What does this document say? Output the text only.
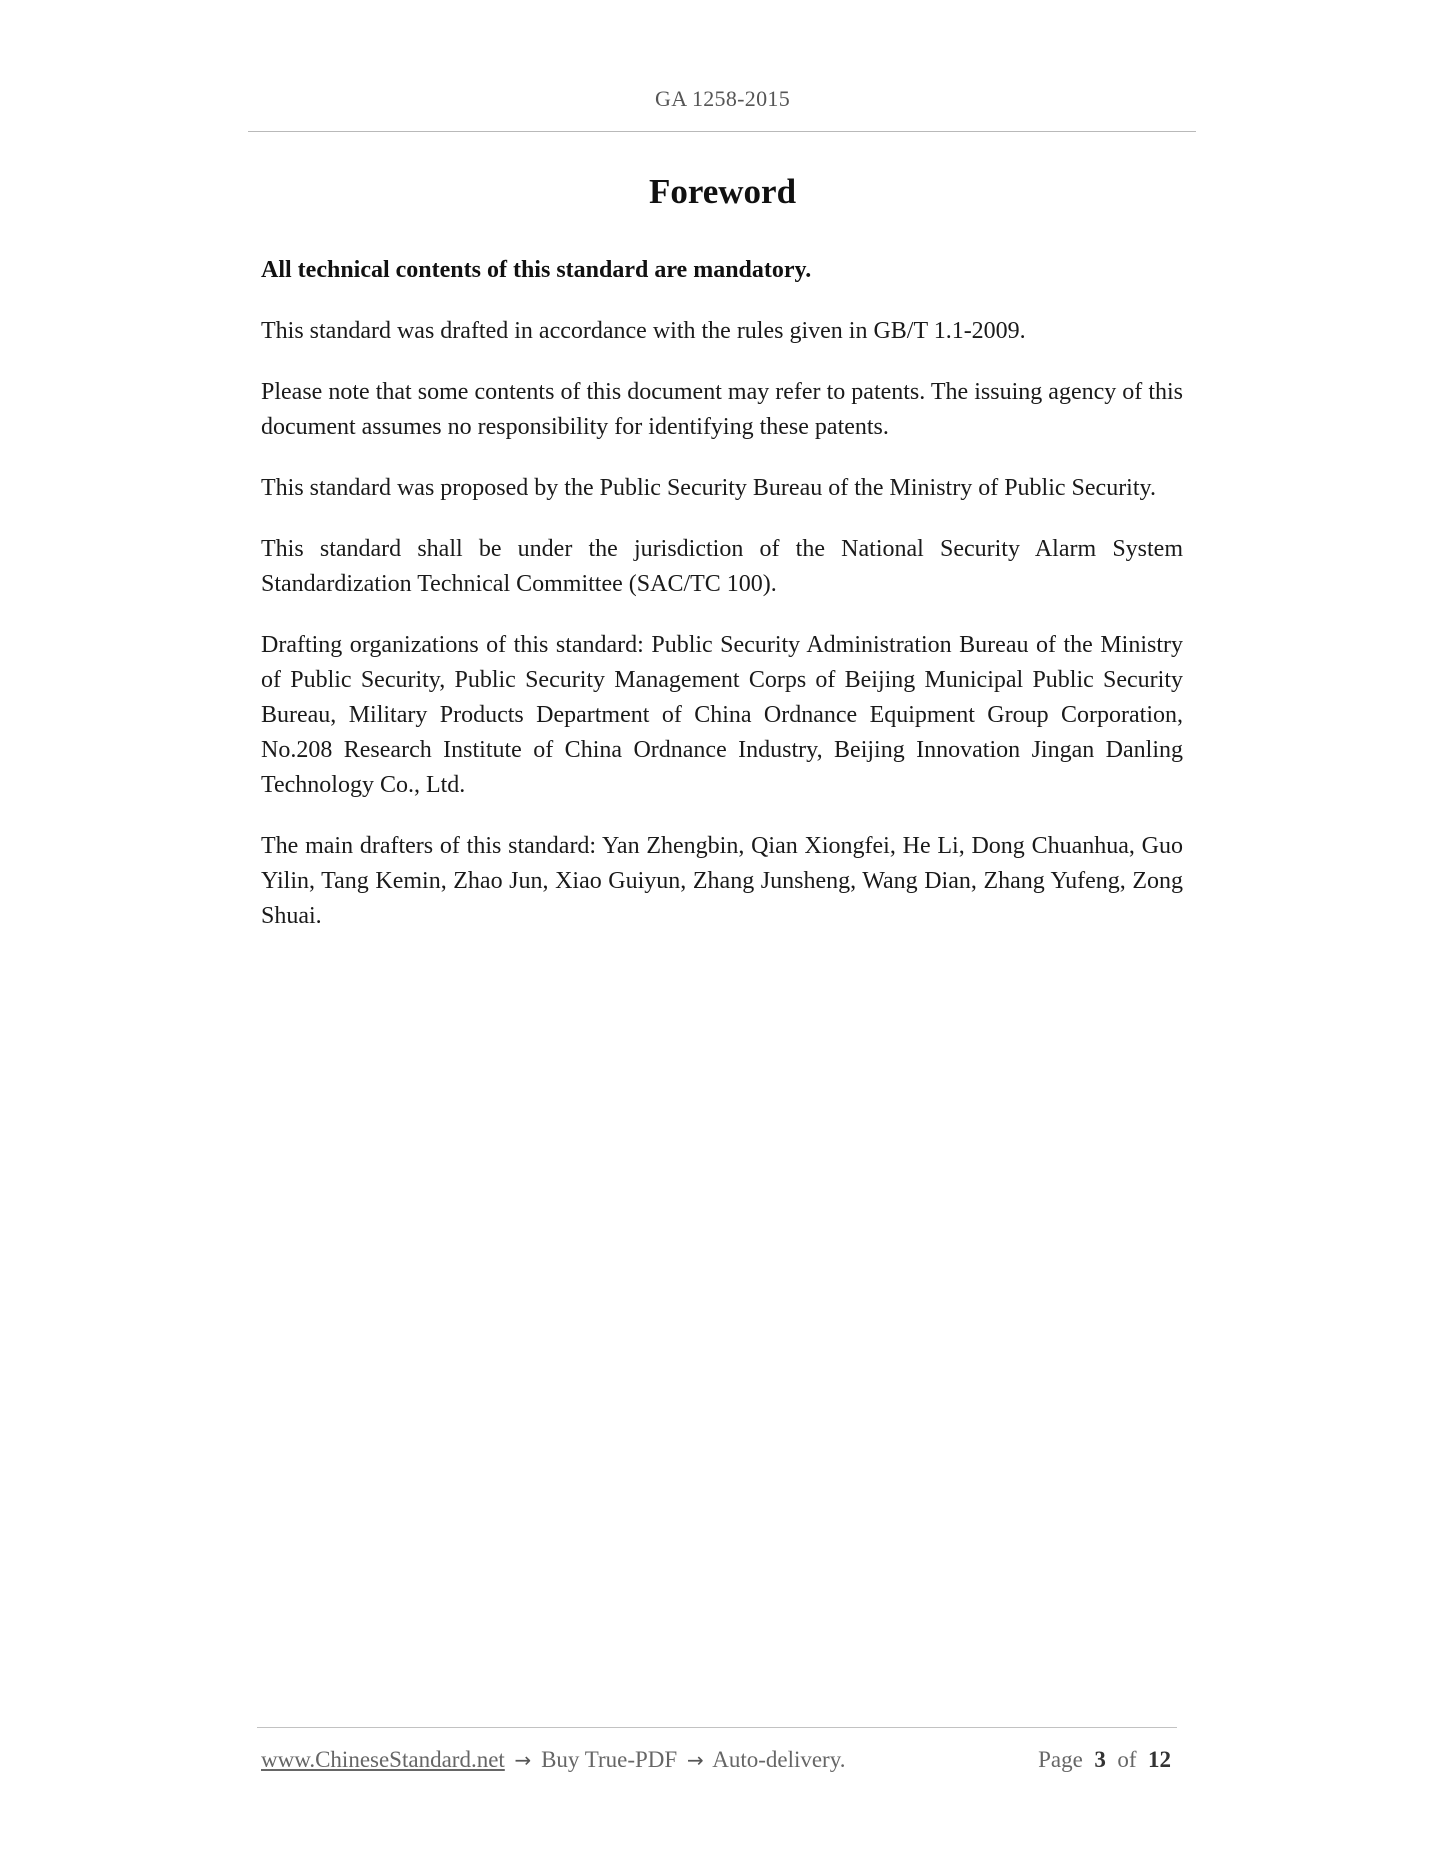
GA 1258-2015
Foreword

All technical contents of this standard are mandatory.

This standard was drafted in accordance with the rules given in GB/T 1.1-2009.

Please note that some contents of this document may refer to patents. The issuing agency of this document assumes no responsibility for identifying these patents.

This standard was proposed by the Public Security Bureau of the Ministry of Public Security.

This standard shall be under the jurisdiction of the National Security Alarm System Standardization Technical Committee (SAC/TC 100).

Drafting organizations of this standard: Public Security Administration Bureau of the Ministry of Public Security, Public Security Management Corps of Beijing Municipal Public Security Bureau, Military Products Department of China Ordnance Equipment Group Corporation, No.208 Research Institute of China Ordnance Industry, Beijing Innovation Jingan Danling Technology Co., Ltd.

The main drafters of this standard: Yan Zhengbin, Qian Xiongfei, He Li, Dong Chuanhua, Guo Yilin, Tang Kemin, Zhao Jun, Xiao Guiyun, Zhang Junsheng, Wang Dian, Zhang Yufeng, Zong Shuai.

www.ChineseStandard.net → Buy True-PDF → Auto-delivery.	Page 3 of 12
